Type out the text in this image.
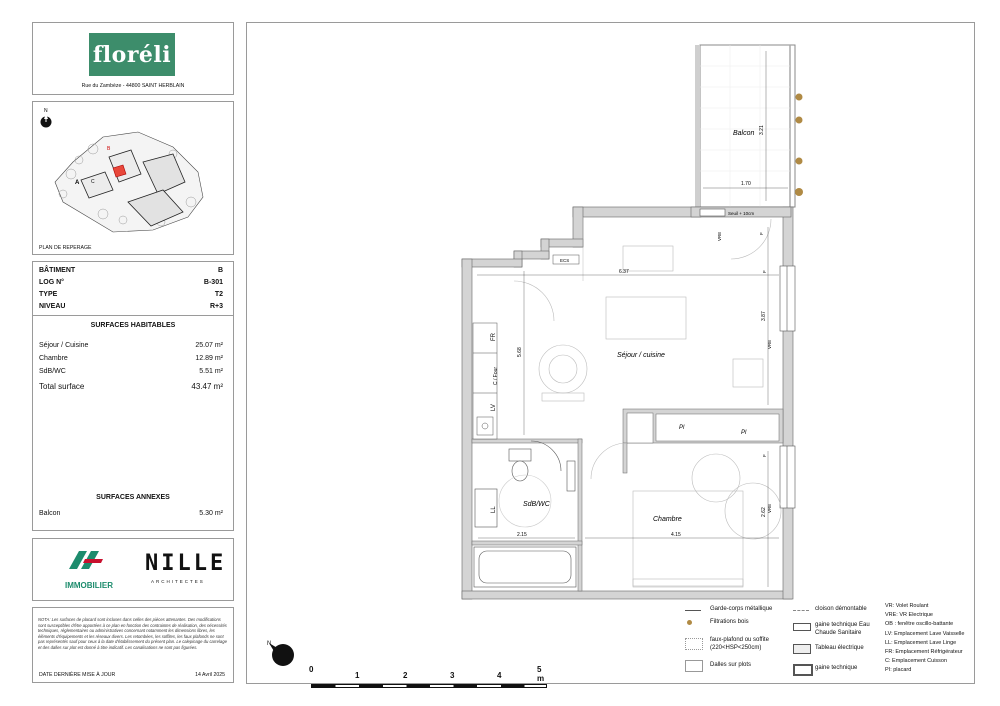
floréli
Rue du Zambèze - 44800 SAINT HERBLAIN
N
A
B
C
PLAN DE REPERAGE
BÂTIMENT	B
LOG N°	B-301
TYPE	T2
NIVEAU	R+3
SURFACES HABITABLES
Séjour / Cuisine	25.07 m²
Chambre	12.89 m²
SdB/WC	5.51 m²
Total surface	43.47 m²
SURFACES ANNEXES
Balcon	5.30 m²
IMMOBILIER
NILLE
ARCHITECTES
NOTA: Les surfaces de placard sont incluses dans celles des pièces attenantes. Des modifications sont susceptibles d'être apportées à ce plan en fonction des contraintes de réalisation, des nécessités techniques, réglementaires ou administratives concernant notamment les dimensions libres, les éléments d'équipements et les réseaux divers. Les retombées, les soffites, les faux plafonds ne sont pas représentés sauf pour ceux à la date d'établissement du présent plan. Le calepinage du carrelage et des dalles sur plot est donné à titre indicatif. Les canalisations ne sont pas figurées.
DATE DERNIÈRE MISE À JOUR	14 Avril 2025
Balcon
Séjour / cuisine
SdB/WC
Chambre
1.70
3.21
6.37
3.87
5.68
2.62
2.15	4.15
Seuil + 10cm
ECS
FR
C / Four
LV
LL
Pl
Pl
VRE
VRE
VRE
F
F
F
N
0
1	2	3	4
5 m
Garde-corps métallique
Filtrations bois
faux-plafond ou soffite (220<HSP<250cm)
Dalles sur plots
cloison démontable
gaine technique Eau Chaude Sanitaire
Tableau électrique
gaine technique
VR: Volet Roulant
VRE: VR Electrique
OB : fenêtre oscillo-battante
LV: Emplacement Lave Vaisselle
LL: Emplacement Lave Linge
FR: Emplacement Réfrigérateur
C: Emplacement Cuisson
PI: placard
